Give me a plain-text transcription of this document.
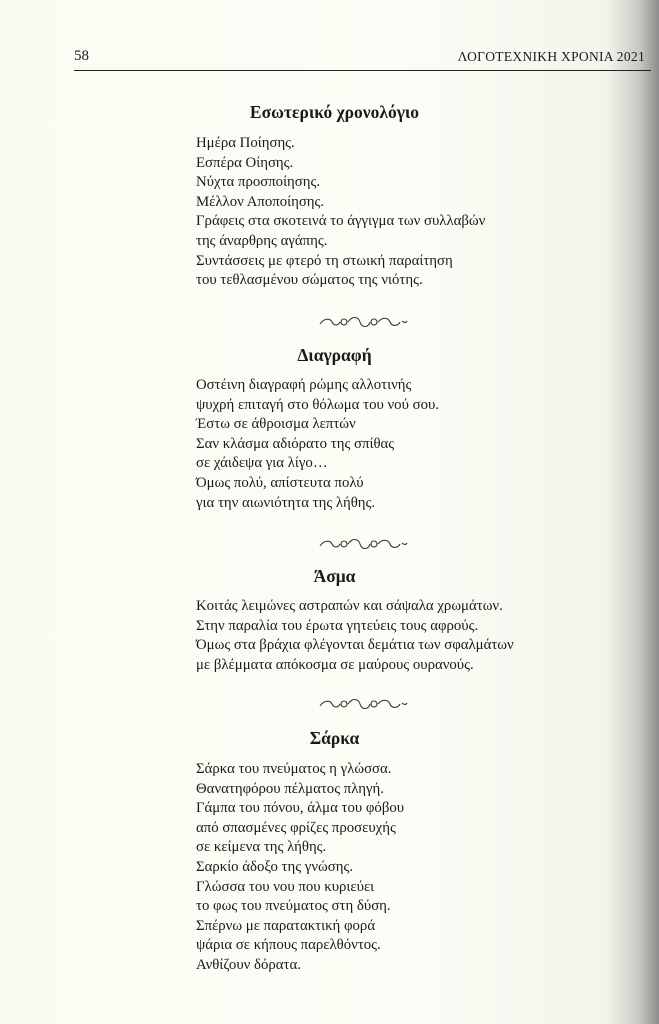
58	ΛΟΓΟΤΕΧΝΙΚΗ ΧΡΟΝΙΑ 2021
Εσωτερικό χρονολόγιο
Ημέρα Ποίησης.
Εσπέρα Οίησης.
Νύχτα προσποίησης.
Μέλλον Αποποίησης.
Γράφεις στα σκοτεινά το άγγιγμα των συλλαβών
της άναρθρης αγάπης.
Συντάσσεις με φτερό τη στωική παραίτηση
του τεθλασμένου σώματος της νιότης.
Διαγραφή
Οστέινη διαγραφή ρώμης αλλοτινής
ψυχρή επιταγή στο θόλωμα του νού σου.
Έστω σε άθροισμα λεπτών
Σαν κλάσμα αδιόρατο της σπίθας
σε χάιδεψα για λίγο…
Όμως πολύ, απίστευτα πολύ
για την αιωνιότητα της λήθης.
Άσμα
Κοιτάς λειμώνες αστραπών και σάψαλα χρωμάτων.
Στην παραλία του έρωτα γητεύεις τους αφρούς.
Όμως στα βράχια φλέγονται δεμάτια των σφαλμάτων
με βλέμματα απόκοσμα σε μαύρους ουρανούς.
Σάρκα
Σάρκα του πνεύματος η γλώσσα.
Θανατηφόρου πέλματος πληγή.
Γάμπα του πόνου, άλμα του φόβου
από σπασμένες φρίζες προσευχής
σε κείμενα της λήθης.
Σαρκίο άδοξο της γνώσης.
Γλώσσα του νου που κυριεύει
το φως του πνεύματος στη δύση.
Σπέρνω με παρατακτική φορά
ψάρια σε κήπους παρελθόντος.
Ανθίζουν δόρατα.
